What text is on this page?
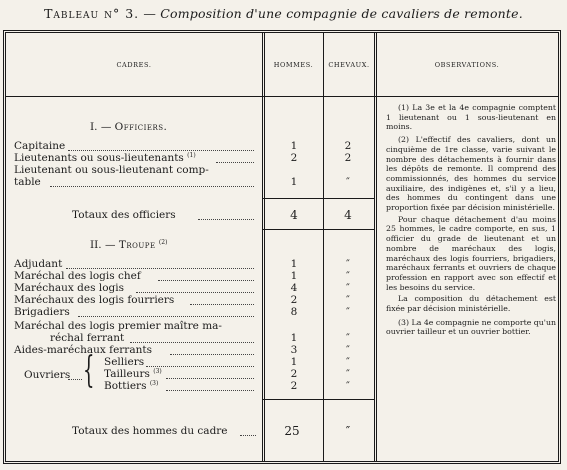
Tableau n° 3. — Composition d'une compagnie de cavaliers de remonte.
CADRES.	HOMMES.	CHEVAUX.	OBSERVATIONS.
I. — Officiers.
Capitaine	1	2
Lieutenants ou sous-lieutenants $^{(1)}$	2	2
Lieutenant ou sous-lieutenant comp-
table	1	″
Totaux des officiers	4	4
II. — Troupe $^{(2)}$
Adjudant	1	″
Maréchal des logis chef	1	″
Maréchaux des logis	4	″
Maréchaux des logis fourriers	2	″
Brigadiers	8	″
Maréchal des logis premier maître ma-
réchal ferrant	1	″
Aides-maréchaux ferrants	3	″
Ouvriers { Selliers	1	″
Tailleurs $^{(3)}$	2	″
Bottiers $^{(3)}$	2	″
Totaux des hommes du cadre	25	″

(1) La 3e et la 4e compagnie comptent 1 lieutenant ou 1 sous-lieutenant en moins.

(2) L'effectif des cavaliers, dont un cinquième de 1re classe, varie suivant le nombre des détachements à fournir dans les dépôts de remonte. Il comprend des commissionnés, des hommes du service auxiliaire, des indigènes et, s'il y a lieu, des hommes du contingent dans une proportion fixée par décision ministérielle.

Pour chaque détachement d'au moins 25 hommes, le cadre comporte, en sus, 1 officier du grade de lieutenant et un nombre de maréchaux des logis, maréchaux des logis fourriers, brigadiers, maréchaux ferrants et ouvriers de chaque profession en rapport avec son effectif et les besoins du service.

La composition du détachement est fixée par décision ministérielle.

(3) La 4e compagnie ne comporte qu'un ouvrier tailleur et un ouvrier bottier.
